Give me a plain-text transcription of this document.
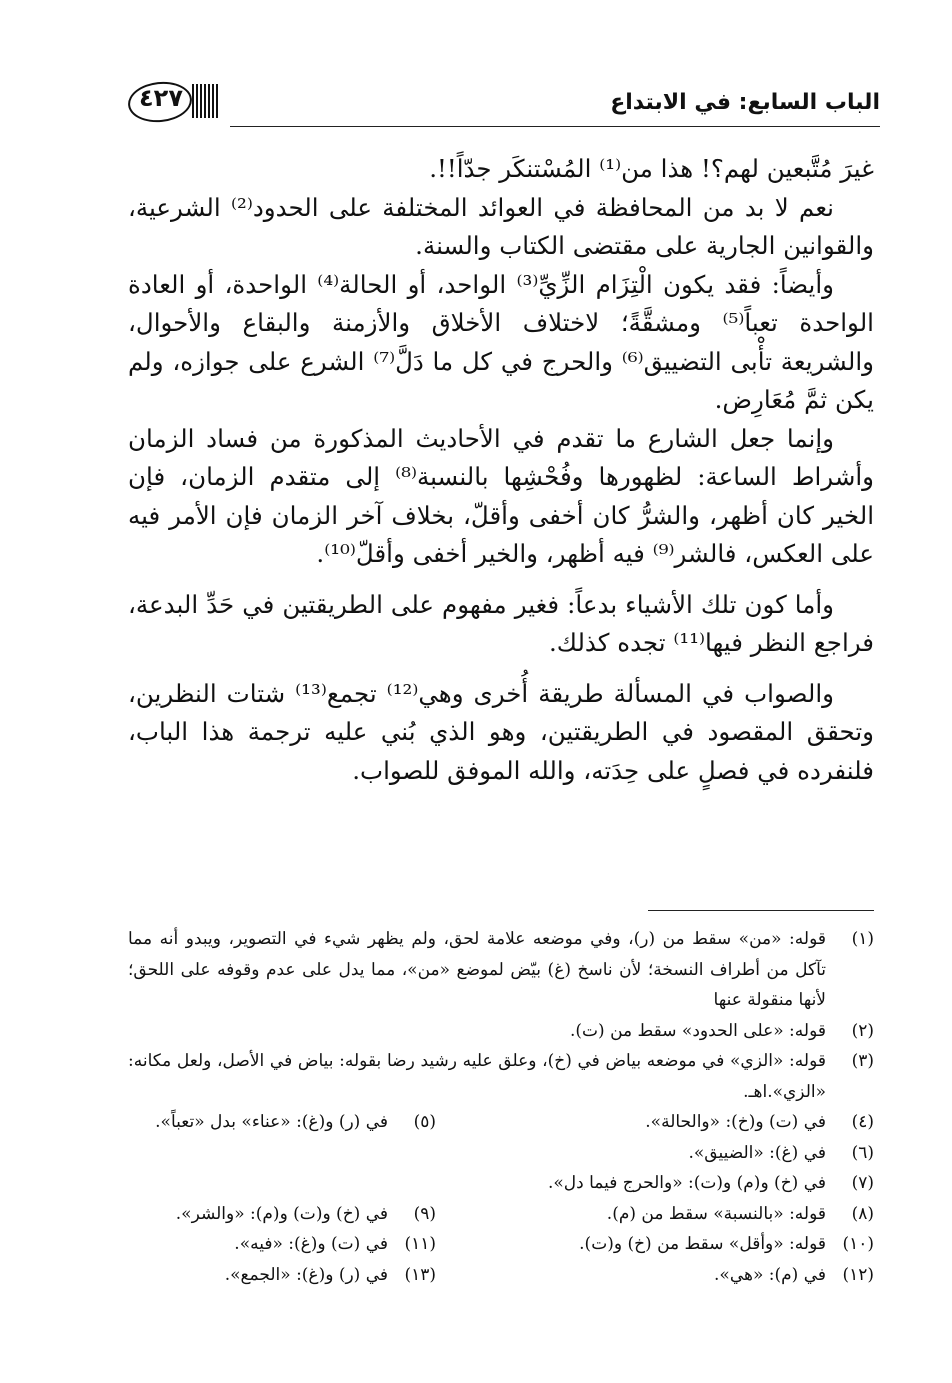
الباب السابع: في الابتداع
٤٢٧

غيرَ مُتَّبعين لهم؟! هذا من⁽¹⁾ المُسْتنكَر جدّاً!!.

نعم لا بد من المحافظة في العوائد المختلفة على الحدود⁽²⁾ الشرعية، والقوانين الجارية على مقتضى الكتاب والسنة.

وأيضاً: فقد يكون الْتِزَام الزِّيِّ⁽³⁾ الواحد، أو الحالة⁽⁴⁾ الواحدة، أو العادة الواحدة تعباً⁽⁵⁾ ومشقَّةً؛ لاختلاف الأخلاق والأزمنة والبقاع والأحوال، والشريعة تأْبى التضييق⁽⁶⁾ والحرج في كل ما دَلَّ⁽⁷⁾ الشرع على جوازه، ولم يكن ثمَّ مُعَارِض.

وإنما جعل الشارع ما تقدم في الأحاديث المذكورة من فساد الزمان وأشراط الساعة: لظهورها وفُحْشِها بالنسبة⁽⁸⁾ إلى متقدم الزمان، فإن الخير كان أظهر، والشرُّ كان أخفى وأقلّ، بخلاف آخر الزمان فإن الأمر فيه على العكس، فالشر⁽⁹⁾ فيه أظهر، والخير أخفى وأقلّ⁽¹⁰⁾.

وأما كون تلك الأشياء بدعاً: فغير مفهوم على الطريقتين في حَدِّ البدعة، فراجع النظر فيها⁽¹¹⁾ تجده كذلك.

والصواب في المسألة طريقة أُخرى وهي⁽¹²⁾ تجمع⁽¹³⁾ شتات النظرين، وتحقق المقصود في الطريقتين، وهو الذي بُني عليه ترجمة هذا الباب، فلنفرده في فصلٍ على حِدَته، والله الموفق للصواب.

(١)
قوله: «من» سقط من (ر)، وفي موضعه علامة لحق، ولم يظهر شيء في التصوير، ويبدو أنه مما تآكل من أطراف النسخة؛ لأن ناسخ (غ) بيّض لموضع «من»، مما يدل على عدم وقوفه على اللحق؛ لأنها منقولة عنها
(٢)
قوله: «على الحدود» سقط من (ت).
(٣)
قوله: «الزي» في موضعه بياض في (خ)، وعلق عليه رشيد رضا بقوله: بياض في الأصل، ولعل مكانه: «الزي».اهـ.
(٤)
في (ت) و(خ): «والحالة».
(٥)
في (ر) و(غ): «عناء» بدل «تعباً».
(٦)
في (غ): «الضييق».
(٧)
في (خ) و(م) و(ت): «والحرج فيما دل».
(٨)
قوله: «بالنسبة» سقط من (م).
(٩)
في (خ) و(ت) و(م): «والشر».
(١٠)
قوله: «وأقل» سقط من (خ) و(ت).
(١١)
في (ت) و(غ): «فيه».
(١٢)
في (م): «هي».
(١٣)
في (ر) و(غ): «الجمع».
